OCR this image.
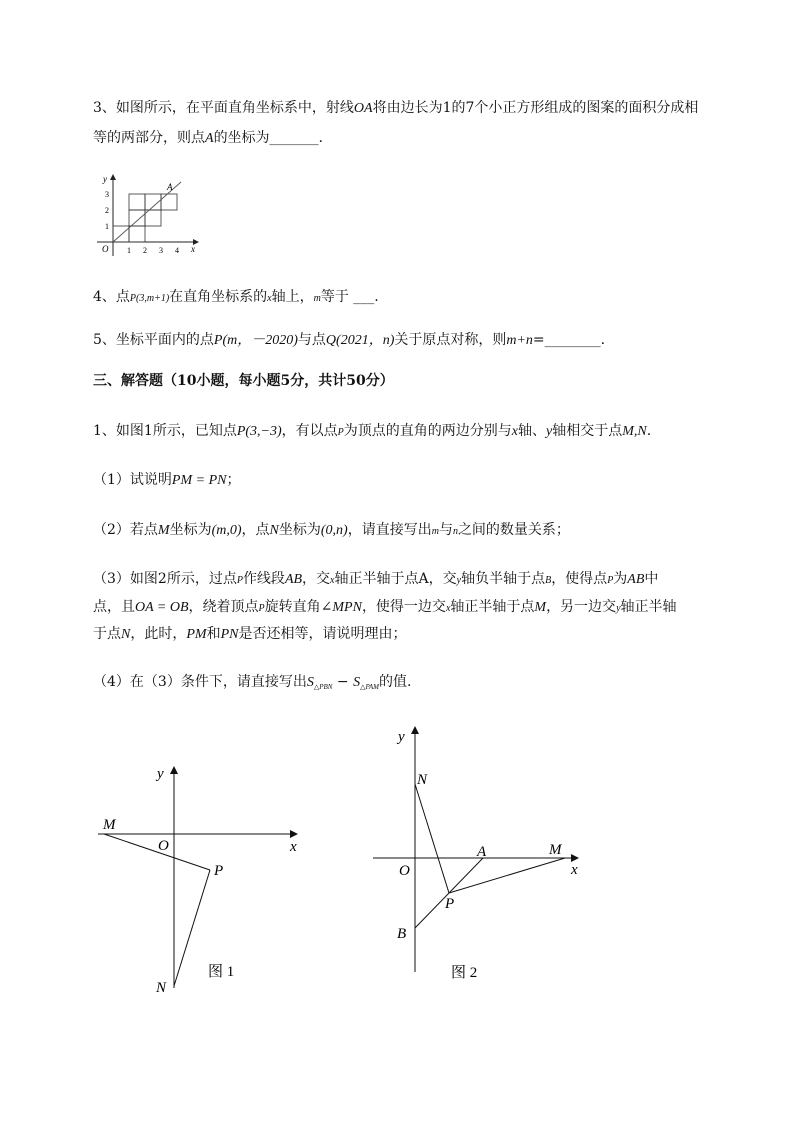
3、如图所示，在平面直角坐标系中，射线OA将由边长为1的7个小正方形组成的图案的面积分成相

等的两部分，则点A的坐标为_______.

y
x
O
A
1 2 3 4
1
2
3

4、点P(3,m+1)在直角坐标系的x轴上，m等于 ___.

5、坐标平面内的点P(m，－2020)与点Q(2021，n)关于原点对称，则m+n=________.

三、解答题（10小题，每小题5分，共计50分）

1、如图1所示，已知点P(3,−3)，有以点P为顶点的直角的两边分别与x轴、y轴相交于点M,N.

（1）试说明PM = PN；

（2）若点M坐标为(m,0)，点N坐标为(0,n)，请直接写出m与n之间的数量关系；

（3）如图2所示，过点P作线段AB，交x轴正半轴于点A，交y轴负半轴于点B，使得点P为AB中

点，且OA = OB，绕着顶点P旋转直角∠MPN，使得一边交x轴正半轴于点M，另一边交y轴正半轴

于点N，此时，PM和PN是否还相等，请说明理由；

（4）在（3）条件下，请直接写出$S_{\triangle PBN} - S_{\triangle PAM}$的值.

y
x
O
M
P
N
图 1
y
x
O
N
A	M
P
B
图 2
